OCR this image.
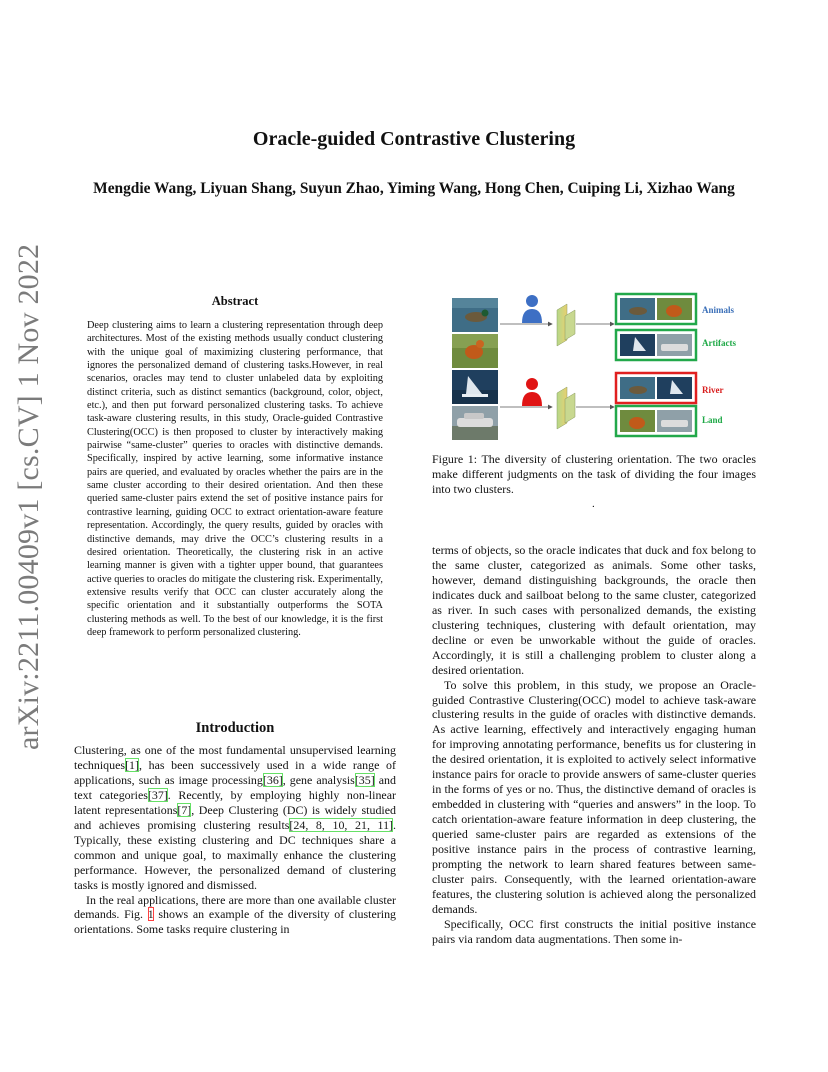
Oracle-guided Contrastive Clustering
Mengdie Wang, Liyuan Shang, Suyun Zhao, Yiming Wang, Hong Chen, Cuiping Li, Xizhao Wang
arXiv:2211.00409v1 [cs.CV] 1 Nov 2022	Abstract

Deep clustering aims to learn a clustering representation through deep architectures. Most of the existing methods usually conduct clustering with the unique goal of maximizing clustering performance, that ignores the personalized demand of clustering tasks.However, in real scenarios, oracles may tend to cluster unlabeled data by exploiting distinct criteria, such as distinct semantics (background, color, object, etc.), and then put forward personalized clustering tasks. To achieve task-aware clustering results, in this study, Oracle-guided Contrastive Clustering(OCC) is then proposed to cluster by interactively making pairwise “same-cluster” queries to oracles with distinctive demands. Specifically, inspired by active learning, some informative instance pairs are queried, and evaluated by oracles whether the pairs are in the same cluster according to their desired orientation. And then these queried same-cluster pairs extend the set of positive instance pairs for contrastive learning, guiding OCC to extract orientation-aware feature representation. Accordingly, the query results, guided by oracles with distinctive demands, may drive the OCC’s clustering results in a desired orientation. Theoretically, the clustering risk in an active learning manner is given with a tighter upper bound, that guarantees active queries to oracles do mitigate the clustering risk. Experimentally, extensive results verify that OCC can cluster accurately along the specific orientation and it substantially outperforms the SOTA clustering methods as well. To the best of our knowledge, it is the first deep framework to perform personalized clustering.

Introduction

Clustering, as one of the most fundamental unsupervised learning techniques[1], has been successively used in a wide range of applications, such as image processing[36], gene analysis[35] and text categories[37]. Recently, by employing highly non-linear latent representations[7], Deep Clustering (DC) is widely studied and achieves promising clustering results[24, 8, 10, 21, 11]. Typically, these existing clustering and DC techniques share a common and unique goal, to maximally enhance the clustering performance. However, the personalized demand of clustering tasks is mostly ignored and dismissed.

In the real applications, there are more than one available cluster demands. Fig. 1 shows an example of the diversity of clustering orientations. Some tasks require clustering in

Animals
Artifacts
River
Land

Figure 1: The diversity of clustering orientation. The two oracles make different judgments on the task of dividing the four images into two clusters.

.

terms of objects, so the oracle indicates that duck and fox belong to the same cluster, categorized as animals. Some other tasks, however, demand distinguishing backgrounds, the oracle then indicates duck and sailboat belong to the same cluster, categorized as river. In such cases with personalized demands, the existing clustering techniques, clustering with default orientation, may decline or even be unworkable without the guide of oracles. Accordingly, it is still a challenging problem to cluster along a desired orientation.

To solve this problem, in this study, we propose an Oracle-guided Contrastive Clustering(OCC) model to achieve task-aware clustering results in the guide of oracles with distinctive demands. As active learning, effectively and interactively engaging human for improving annotating performance, benefits us for clustering in the desired orientation, it is exploited to actively select informative instance pairs for oracle to provide answers of same-cluster queries in the forms of yes or no. Thus, the distinctive demand of oracles is embedded in clustering with “queries and answers” in the loop. To catch orientation-aware feature information in deep clustering, the queried same-cluster pairs are regarded as extensions of the positive instance pairs in the process of contrastive learning, prompting the network to learn shared features between same-cluster pairs. Consequently, with the learned orientation-aware features, the clustering solution is achieved along the personalized demands.

Specifically, OCC first constructs the initial positive instance pairs via random data augmentations. Then some in-
